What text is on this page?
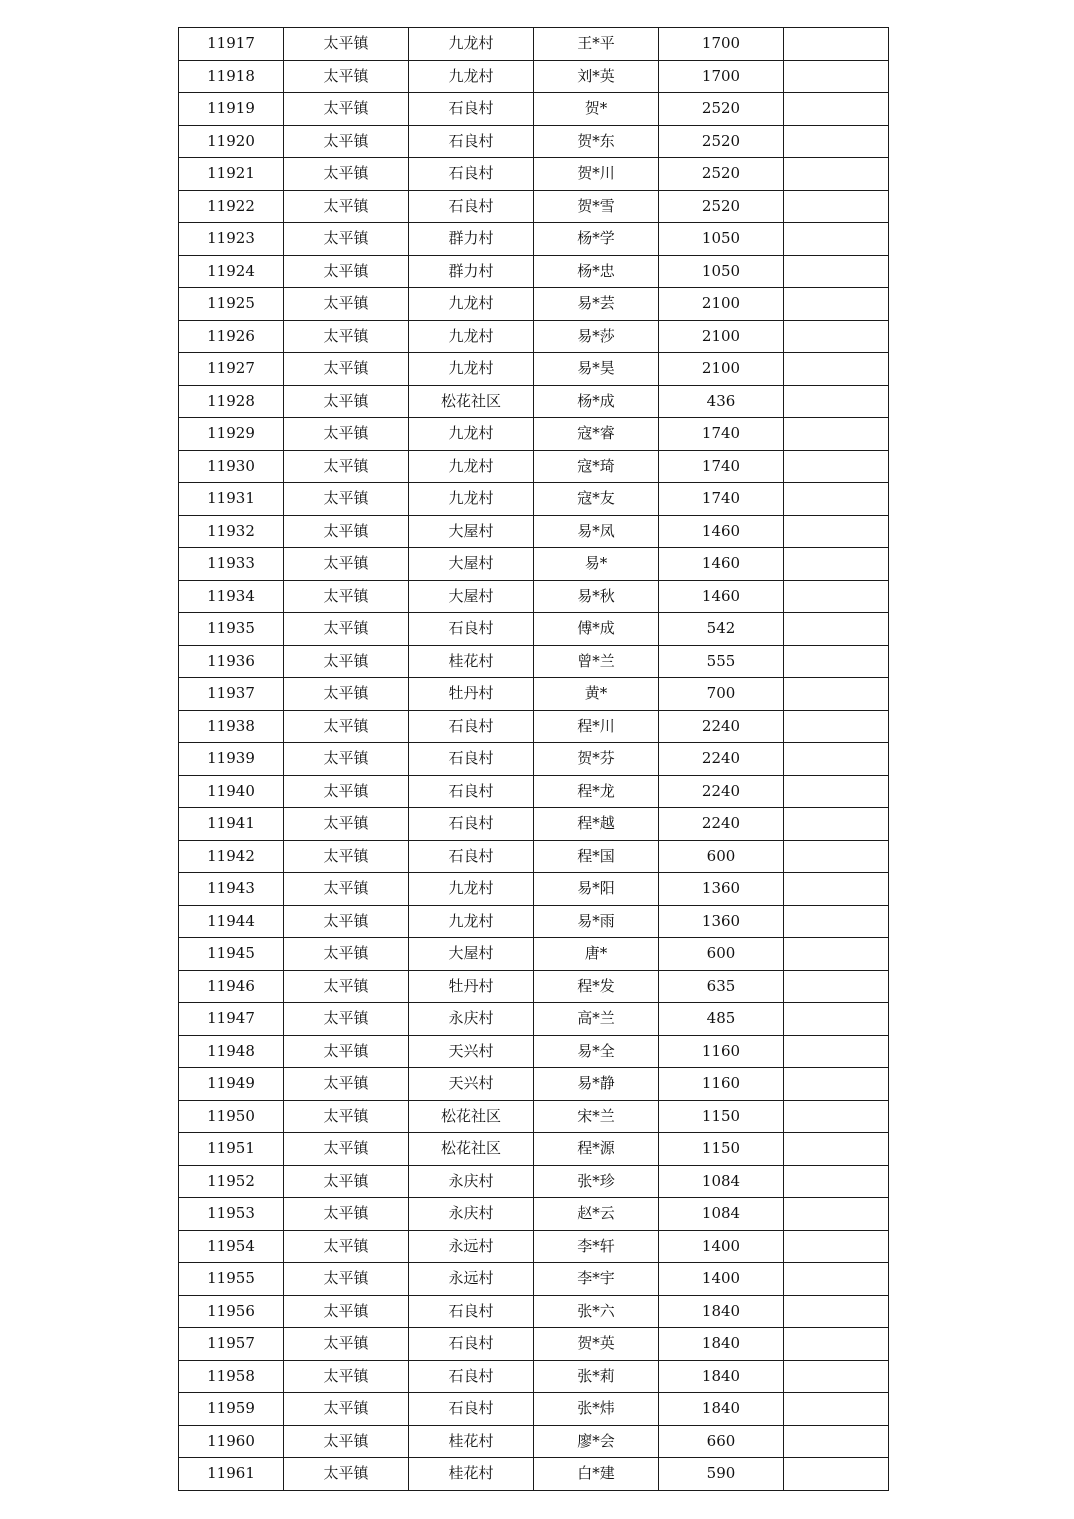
11917	太平镇	九龙村	王*平	1700	
11918	太平镇	九龙村	刘*英	1700	
11919	太平镇	石良村	贺*	2520	
11920	太平镇	石良村	贺*东	2520	
11921	太平镇	石良村	贺*川	2520	
11922	太平镇	石良村	贺*雪	2520	
11923	太平镇	群力村	杨*学	1050	
11924	太平镇	群力村	杨*忠	1050	
11925	太平镇	九龙村	易*芸	2100	
11926	太平镇	九龙村	易*莎	2100	
11927	太平镇	九龙村	易*昊	2100	
11928	太平镇	松花社区	杨*成	436	
11929	太平镇	九龙村	寇*睿	1740	
11930	太平镇	九龙村	寇*琦	1740	
11931	太平镇	九龙村	寇*友	1740	
11932	太平镇	大屋村	易*凤	1460	
11933	太平镇	大屋村	易*	1460	
11934	太平镇	大屋村	易*秋	1460	
11935	太平镇	石良村	傅*成	542	
11936	太平镇	桂花村	曾*兰	555	
11937	太平镇	牡丹村	黄*	700	
11938	太平镇	石良村	程*川	2240	
11939	太平镇	石良村	贺*芬	2240	
11940	太平镇	石良村	程*龙	2240	
11941	太平镇	石良村	程*越	2240	
11942	太平镇	石良村	程*国	600	
11943	太平镇	九龙村	易*阳	1360	
11944	太平镇	九龙村	易*雨	1360	
11945	太平镇	大屋村	唐*	600	
11946	太平镇	牡丹村	程*发	635	
11947	太平镇	永庆村	高*兰	485	
11948	太平镇	天兴村	易*全	1160	
11949	太平镇	天兴村	易*静	1160	
11950	太平镇	松花社区	宋*兰	1150	
11951	太平镇	松花社区	程*源	1150	
11952	太平镇	永庆村	张*珍	1084	
11953	太平镇	永庆村	赵*云	1084	
11954	太平镇	永远村	李*轩	1400	
11955	太平镇	永远村	李*宇	1400	
11956	太平镇	石良村	张*六	1840	
11957	太平镇	石良村	贺*英	1840	
11958	太平镇	石良村	张*莉	1840	
11959	太平镇	石良村	张*炜	1840	
11960	太平镇	桂花村	廖*会	660	
11961	太平镇	桂花村	白*建	590	
